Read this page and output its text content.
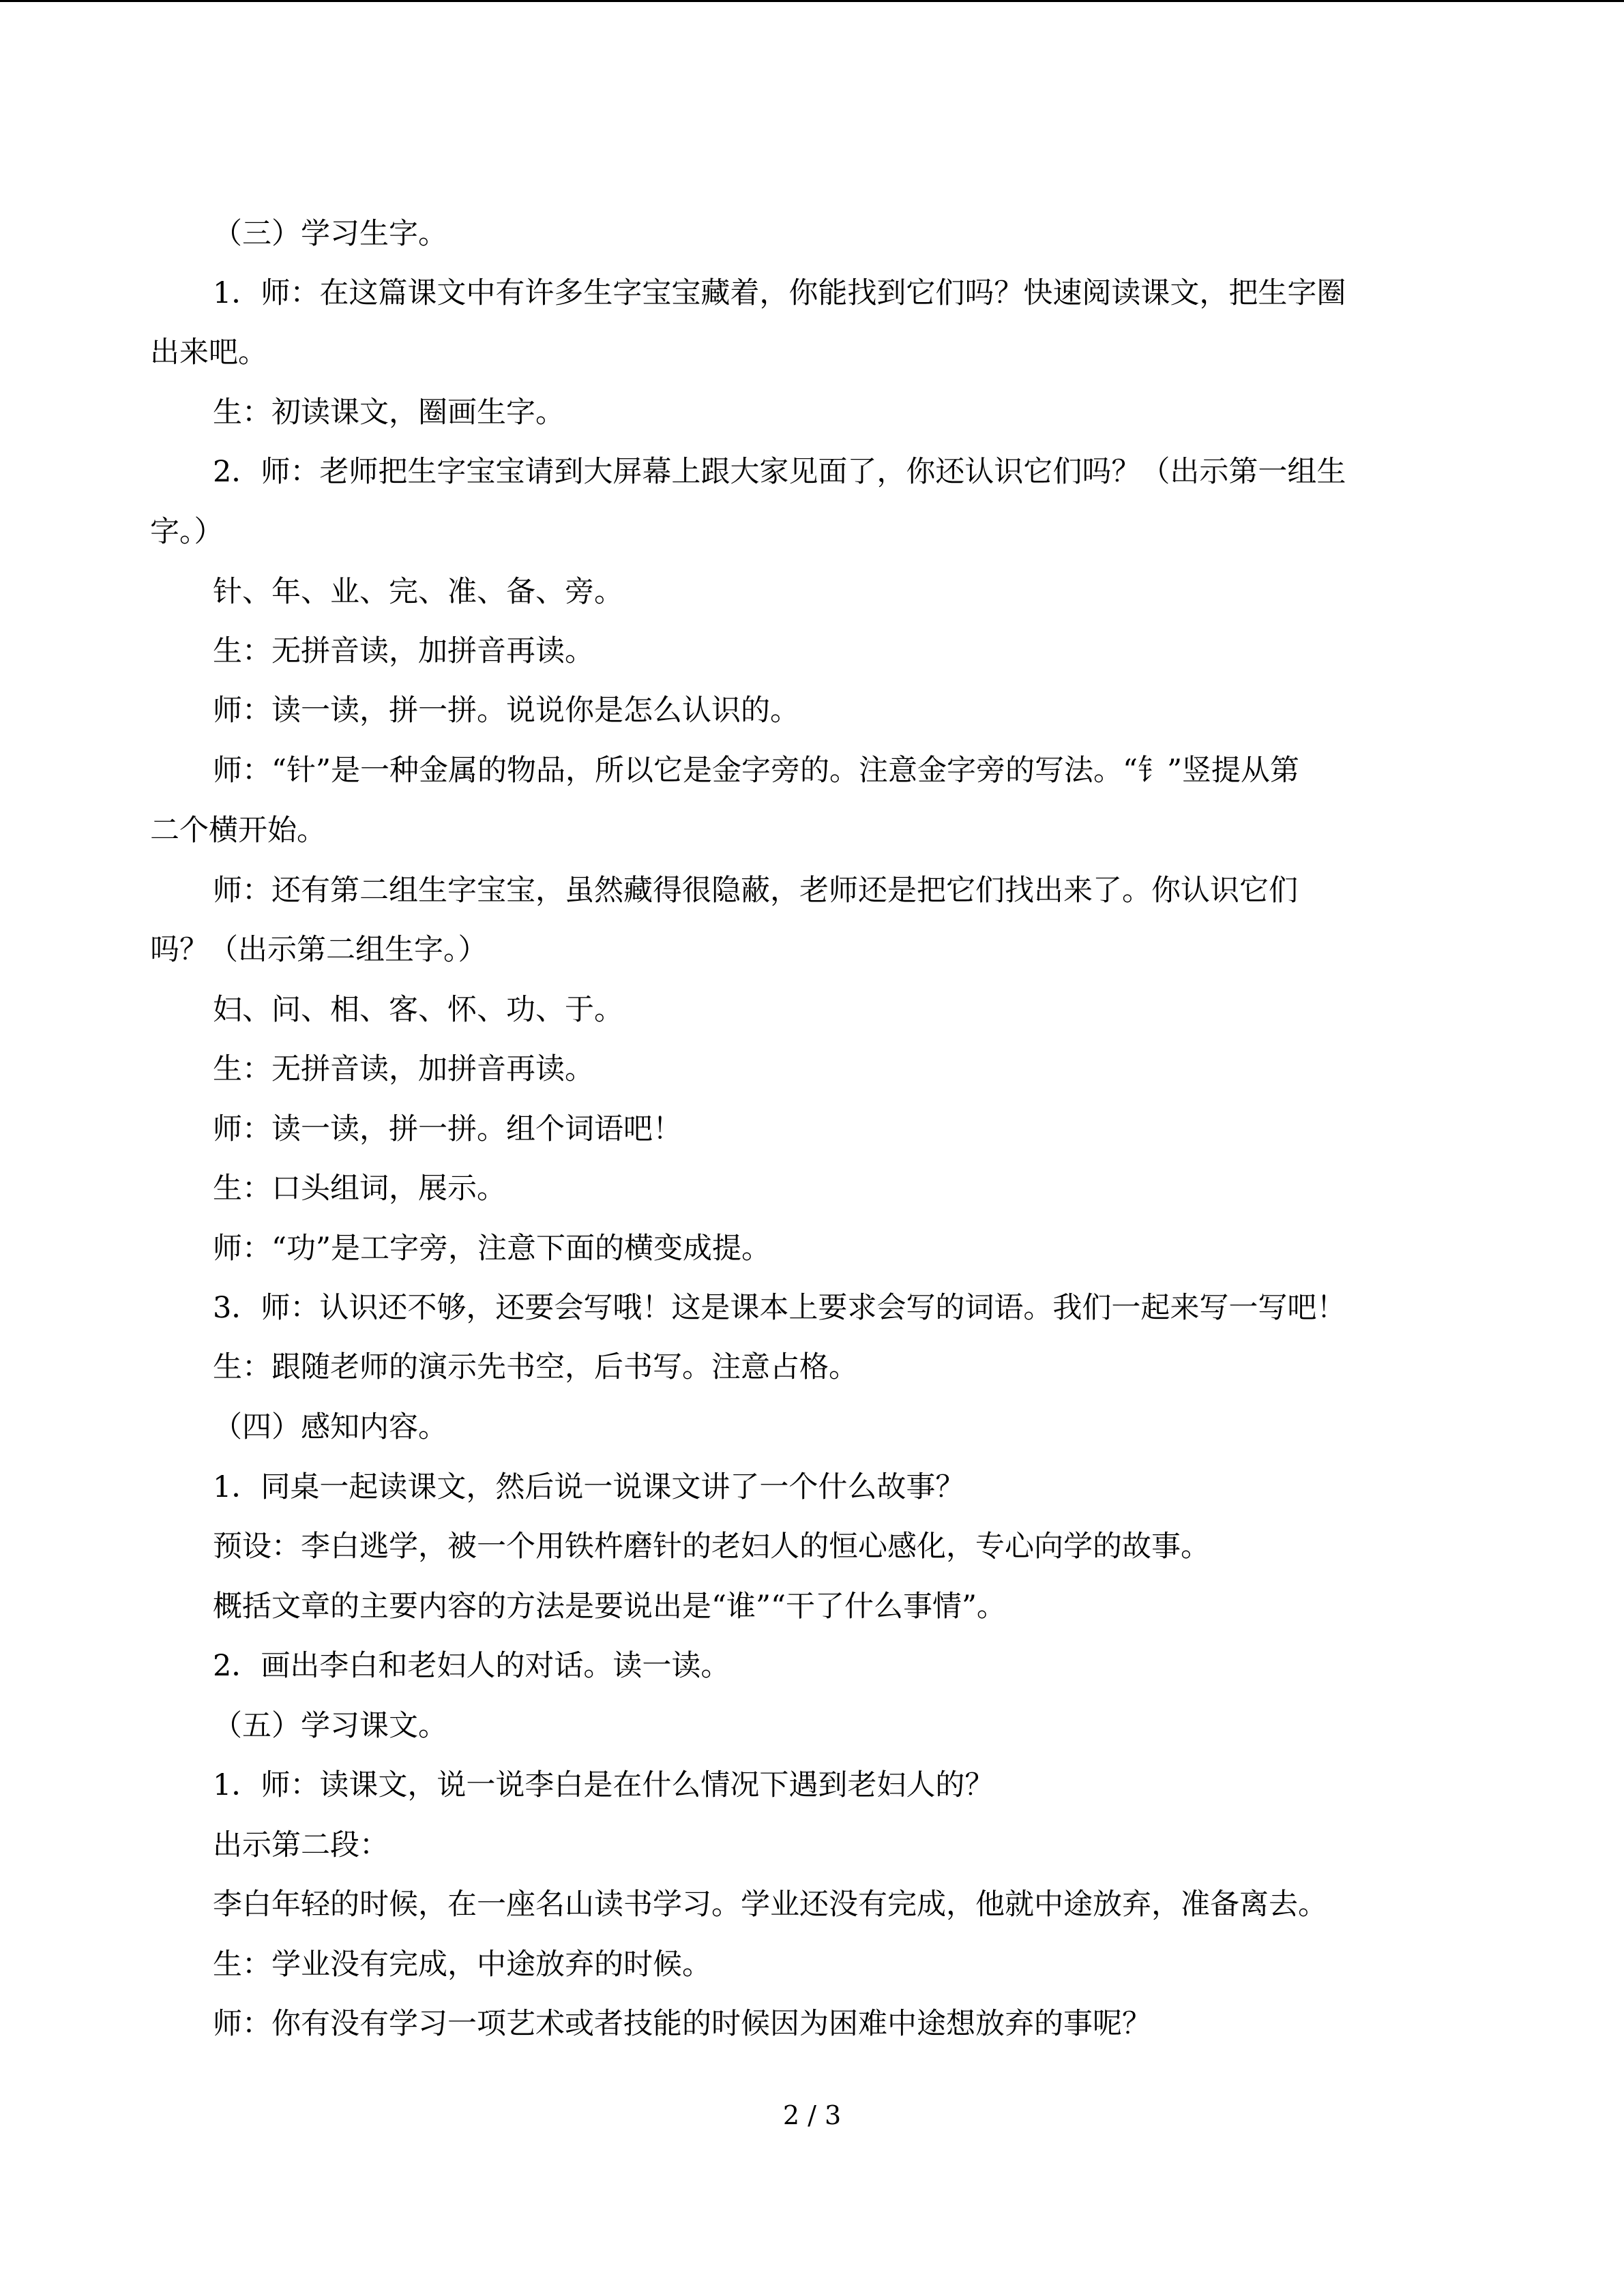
（三）学习生字。
1．师：在这篇课文中有许多生字宝宝藏着，你能找到它们吗？快速阅读课文，把生字圈
出来吧。
生：初读课文，圈画生字。
2．师：老师把生字宝宝请到大屏幕上跟大家见面了，你还认识它们吗？（出示第一组生
字。）
针、年、业、完、准、备、旁。
生：无拼音读，加拼音再读。
师：读一读，拼一拼。说说你是怎么认识的。
师：“针”是一种金属的物品，所以它是金字旁的。注意金字旁的写法。“钅”竖提从第
二个横开始。
师：还有第二组生字宝宝，虽然藏得很隐蔽，老师还是把它们找出来了。你认识它们
吗？（出示第二组生字。）
妇、问、相、客、怀、功、于。
生：无拼音读，加拼音再读。
师：读一读，拼一拼。组个词语吧！
生：口头组词，展示。
师：“功”是工字旁，注意下面的横变成提。
3．师：认识还不够，还要会写哦！这是课本上要求会写的词语。我们一起来写一写吧！
生：跟随老师的演示先书空，后书写。注意占格。
（四）感知内容。
1．同桌一起读课文，然后说一说课文讲了一个什么故事？
预设：李白逃学，被一个用铁杵磨针的老妇人的恒心感化，专心向学的故事。
概括文章的主要内容的方法是要说出是“谁”“干了什么事情”。
2．画出李白和老妇人的对话。读一读。
（五）学习课文。
1．师：读课文，说一说李白是在什么情况下遇到老妇人的？
出示第二段：
李白年轻的时候，在一座名山读书学习。学业还没有完成，他就中途放弃，准备离去。
生：学业没有完成，中途放弃的时候。
师：你有没有学习一项艺术或者技能的时候因为困难中途想放弃的事呢？
2 / 3
